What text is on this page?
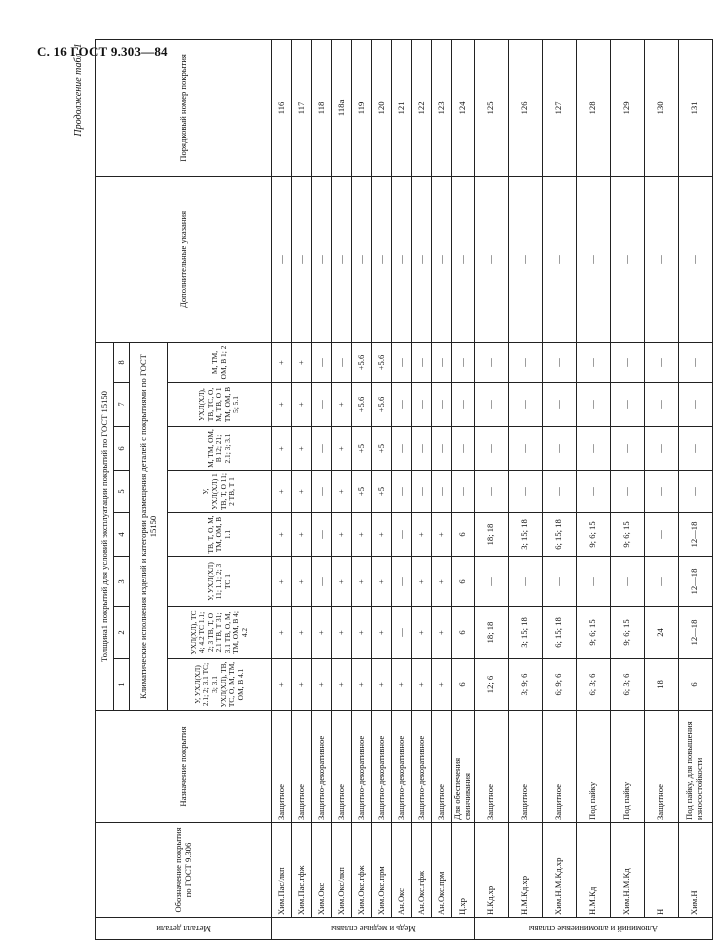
С. 16 ГОСТ 9.303—84
Продолжение табл. 1												

Металл детали	Обозначение покрытия по ГОСТ 9.306	Назначение покрытия	Толщина1 покрытий для условий эксплуатации покрытий по ГОСТ 15150								Дополнительные указания	Порядковый номер покрытия
			1	2	3	4	5	6	7	8		
			Климатические исполнения изделий и категории размещения деталей с покрытиями по ГОСТ 15150									
			У, УХЛ(ХЛ) 2.1; 2; 3.1 ТС; 3; 3.1 УХЛ(ХЛ), ТВ, ТС, О, М, ТМ, ОМ, В 4.1	УХЛ(ХЛ), ТС 4; 4.2 ТС 1.1; 2; 3 ТВ, Т, О 2.1 ТВ, Т 31; 3.1 ТВ, О, М, ТМ, ОМ, В 4; 4.2	У, УХЛ(ХЛ) 11; 1.1; 2; 3 ТС 1	ТВ, Т, О, М, ТМ, ОМ, В 1.1	У, УХЛ(ХЛ) 1 ТВ, Т, О 11; 2 ТВ, Т 1	М, ТМ, ОМ, В 12; 21; 2.1; 3; 3.1	УХЛ(ХЛ), ТВ, ТС, О, М, ТВ, О 1 ТМ, ОМ, В 5; 5.1	М, ТМ, ОМ, В 1; 2		
Медь и медные сплавы	Хим.Пас/лкп	Защитное	+	+	+	+	+	+	+	+	—	116
	Хим.Пас.гфж	Защитное	+	+	+	+	+	+	+	+	—	117
	Хим.Окс	Защитно-декоративное	+	+	—	—	—	—	—	—	—	118
	Хим.Окс/лкп	Защитное	+	+	+	+	+	+	+	—	—	118а
	Хим.Окс.гфж	Защитно-декоративное	+	+	+	+	+5	+5	+5.6	+5.6	—	119
	Хим.Окс.прм	Защитно-декоративное	+	+	+	+	+5	+5	+5.6	+5.6	—	120
	Ан.Окс	Защитно-декоративное	+	—	—	—	—	—	—	—	—	121
	Ан.Окс.гфж	Защитно-декоративное	+	+	+	+	—	—	—	—	—	122
	Ан.Окс.прм	Защитное	+	+	+	+	—	—	—	—	—	123
	Ц.хр	Для обеспечения свинчивания	6	6	6	6	—	—	—	—	—	124
Алюминий и алюминиевые сплавы	Н.Кд.хр	Защитное	12; 6	18; 18	—	18; 18	—	—	—	—	—	125
	Н.М.Кд.хр	Защитное	3; 9; 6	3; 15; 18	—	3; 15; 18	—	—	—	—	—	126
	Хим.Н.М.Кд.хр	Защитное	6; 9; 6	6; 15; 18	—	6; 15; 18	—	—	—	—	—	127
	Н.М.Кд	Под пайку	6; 3; 6	9; 6; 15	—	9; 6; 15	—	—	—	—	—	128
	Хим.Н.М.Кд	Под пайку	6; 3; 6	9; 6; 15	—	9; 6; 15	—	—	—	—	—	129
	Н	Защитное	18	24	—	—	—	—	—	—	—	130
	Хим.Н	Под пайку, для повышения износостойкости	6	12—18	12—18	12—18	—	—	—	—	—	131
